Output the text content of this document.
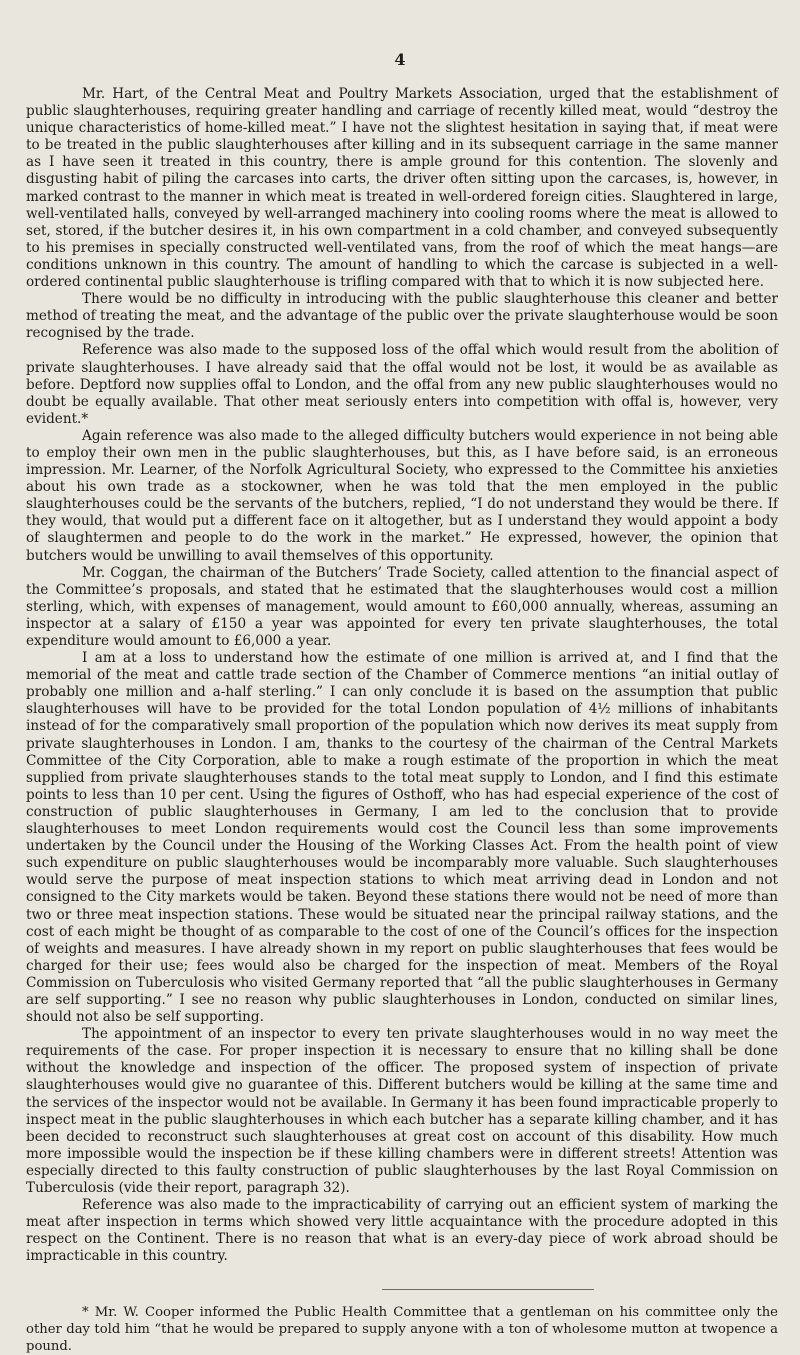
4

Mr. Hart, of the Central Meat and Poultry Markets Association, urged that the establishment of public slaughterhouses, requiring greater handling and carriage of recently killed meat, would “destroy the unique characteristics of home-killed meat.” I have not the slightest hesitation in saying that, if meat were to be treated in the public slaughterhouses after killing and in its subsequent carriage in the same manner as I have seen it treated in this country, there is ample ground for this contention. The slovenly and disgusting habit of piling the carcases into carts, the driver often sitting upon the carcases, is, however, in marked contrast to the manner in which meat is treated in well-ordered foreign cities. Slaughtered in large, well-ventilated halls, conveyed by well-arranged machinery into cooling rooms where the meat is allowed to set, stored, if the butcher desires it, in his own compartment in a cold chamber, and conveyed subsequently to his premises in specially constructed well-ventilated vans, from the roof of which the meat hangs—are conditions unknown in this country. The amount of handling to which the carcase is subjected in a well-ordered continental public slaughterhouse is trifling compared with that to which it is now subjected here.

There would be no difficulty in introducing with the public slaughterhouse this cleaner and better method of treating the meat, and the advantage of the public over the private slaughterhouse would be soon recognised by the trade.

Reference was also made to the supposed loss of the offal which would result from the abolition of private slaughterhouses. I have already said that the offal would not be lost, it would be as available as before. Deptford now supplies offal to London, and the offal from any new public slaughterhouses would no doubt be equally available. That other meat seriously enters into competition with offal is, however, very evident.*

Again reference was also made to the alleged difficulty butchers would experience in not being able to employ their own men in the public slaughterhouses, but this, as I have before said, is an erroneous impression. Mr. Learner, of the Norfolk Agricultural Society, who expressed to the Committee his anxieties about his own trade as a stockowner, when he was told that the men employed in the public slaughterhouses could be the servants of the butchers, replied, “I do not understand they would be there. If they would, that would put a different face on it altogether, but as I understand they would appoint a body of slaughtermen and people to do the work in the market.” He expressed, however, the opinion that butchers would be unwilling to avail themselves of this opportunity.

Mr. Coggan, the chairman of the Butchers’ Trade Society, called attention to the financial aspect of the Committee’s proposals, and stated that he estimated that the slaughterhouses would cost a million sterling, which, with expenses of management, would amount to £60,000 annually, whereas, assuming an inspector at a salary of £150 a year was appointed for every ten private slaughterhouses, the total expenditure would amount to £6,000 a year.

I am at a loss to understand how the estimate of one million is arrived at, and I find that the memorial of the meat and cattle trade section of the Chamber of Commerce mentions “an initial outlay of probably one million and a-half sterling.” I can only conclude it is based on the assumption that public slaughterhouses will have to be provided for the total London population of 4½ millions of inhabitants instead of for the comparatively small proportion of the population which now derives its meat supply from private slaughterhouses in London. I am, thanks to the courtesy of the chairman of the Central Markets Committee of the City Corporation, able to make a rough estimate of the proportion in which the meat supplied from private slaughterhouses stands to the total meat supply to London, and I find this estimate points to less than 10 per cent. Using the figures of Osthoff, who has had especial experience of the cost of construction of public slaughterhouses in Germany, I am led to the conclusion that to provide slaughterhouses to meet London requirements would cost the Council less than some improvements undertaken by the Council under the Housing of the Working Classes Act. From the health point of view such expenditure on public slaughterhouses would be incomparably more valuable. Such slaughterhouses would serve the purpose of meat inspection stations to which meat arriving dead in London and not consigned to the City markets would be taken. Beyond these stations there would not be need of more than two or three meat inspection stations. These would be situated near the principal railway stations, and the cost of each might be thought of as comparable to the cost of one of the Council’s offices for the inspection of weights and measures. I have already shown in my report on public slaughterhouses that fees would be charged for their use; fees would also be charged for the inspection of meat. Members of the Royal Commission on Tuberculosis who visited Germany reported that “all the public slaughterhouses in Germany are self supporting.” I see no reason why public slaughterhouses in London, conducted on similar lines, should not also be self supporting.

The appointment of an inspector to every ten private slaughterhouses would in no way meet the requirements of the case. For proper inspection it is necessary to ensure that no killing shall be done without the knowledge and inspection of the officer. The proposed system of inspection of private slaughterhouses would give no guarantee of this. Different butchers would be killing at the same time and the services of the inspector would not be available. In Germany it has been found impracticable properly to inspect meat in the public slaughterhouses in which each butcher has a separate killing chamber, and it has been decided to reconstruct such slaughterhouses at great cost on account of this disability. How much more impossible would the inspection be if these killing chambers were in different streets! Attention was especially directed to this faulty construction of public slaughterhouses by the last Royal Commission on Tuberculosis (vide their report, paragraph 32).

Reference was also made to the impracticability of carrying out an efficient system of marking the meat after inspection in terms which showed very little acquaintance with the procedure adopted in this respect on the Continent. There is no reason that what is an every-day piece of work abroad should be impracticable in this country.

* Mr. W. Cooper informed the Public Health Committee that a gentleman on his committee only the other day told him “that he would be prepared to supply anyone with a ton of wholesome mutton at twopence a pound.
